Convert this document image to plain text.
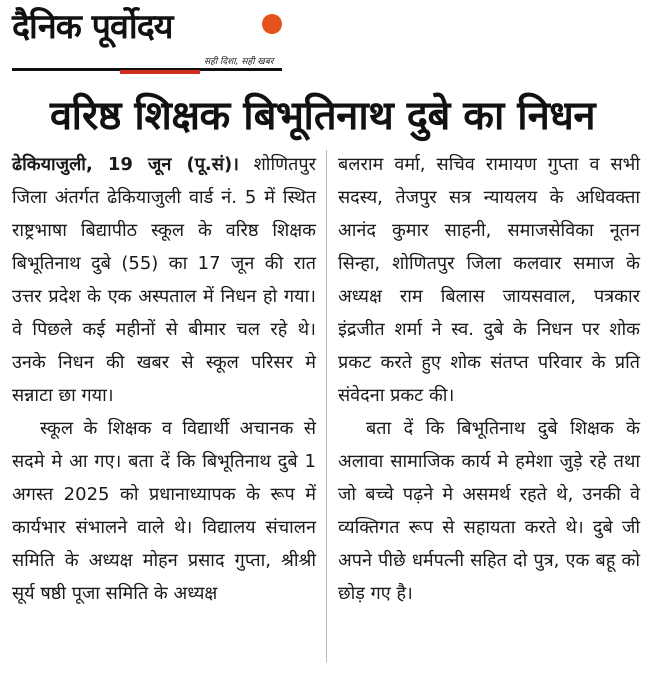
दैनिक पूर्वोदय
सही दिशा, सही खबर
वरिष्ठ शिक्षक बिभूतिनाथ दुबे का निधन

ढेकियाजुली, 19 जून (पू.सं)। शोणितपुर जिला अंतर्गत ढेकियाजुली वार्ड नं. 5 में स्थित राष्ट्रभाषा बिद्यापीठ स्कूल के वरिष्ठ शिक्षक बिभूतिनाथ दुबे (55) का 17 जून की रात उत्तर प्रदेश के एक अस्पताल में निधन हो गया। वे पिछले कई महीनों से बीमार चल रहे थे। उनके निधन की खबर से स्कूल परिसर मे सन्नाटा छा गया।

स्कूल के शिक्षक व विद्यार्थी अचानक से सदमे मे आ गए। बता दें कि बिभूतिनाथ दुबे 1 अगस्त 2025 को प्रधानाध्यापक के रूप में कार्यभार संभालने वाले थे। विद्यालय संचालन समिति के अध्यक्ष मोहन प्रसाद गुप्ता, श्रीश्री सूर्य षष्ठी पूजा समिति के अध्यक्ष

बलराम वर्मा, सचिव रामायण गुप्ता व सभी सदस्य, तेजपुर सत्र न्यायलय के अधिवक्ता आनंद कुमार साहनी, समाजसेविका नूतन सिन्हा, शोणितपुर जिला कलवार समाज के अध्यक्ष राम बिलास जायसवाल, पत्रकार इंद्रजीत शर्मा ने स्व. दुबे के निधन पर शोक प्रकट करते हुए शोक संतप्त परिवार के प्रति संवेदना प्रकट की।

बता दें कि बिभूतिनाथ दुबे शिक्षक के अलावा सामाजिक कार्य मे हमेशा जुड़े रहे तथा जो बच्चे पढ़ने मे असमर्थ रहते थे, उनकी वे व्यक्तिगत रूप से सहायता करते थे। दुबे जी अपने पीछे धर्मपत्नी सहित दो पुत्र, एक बहू को छोड़ गए है।
